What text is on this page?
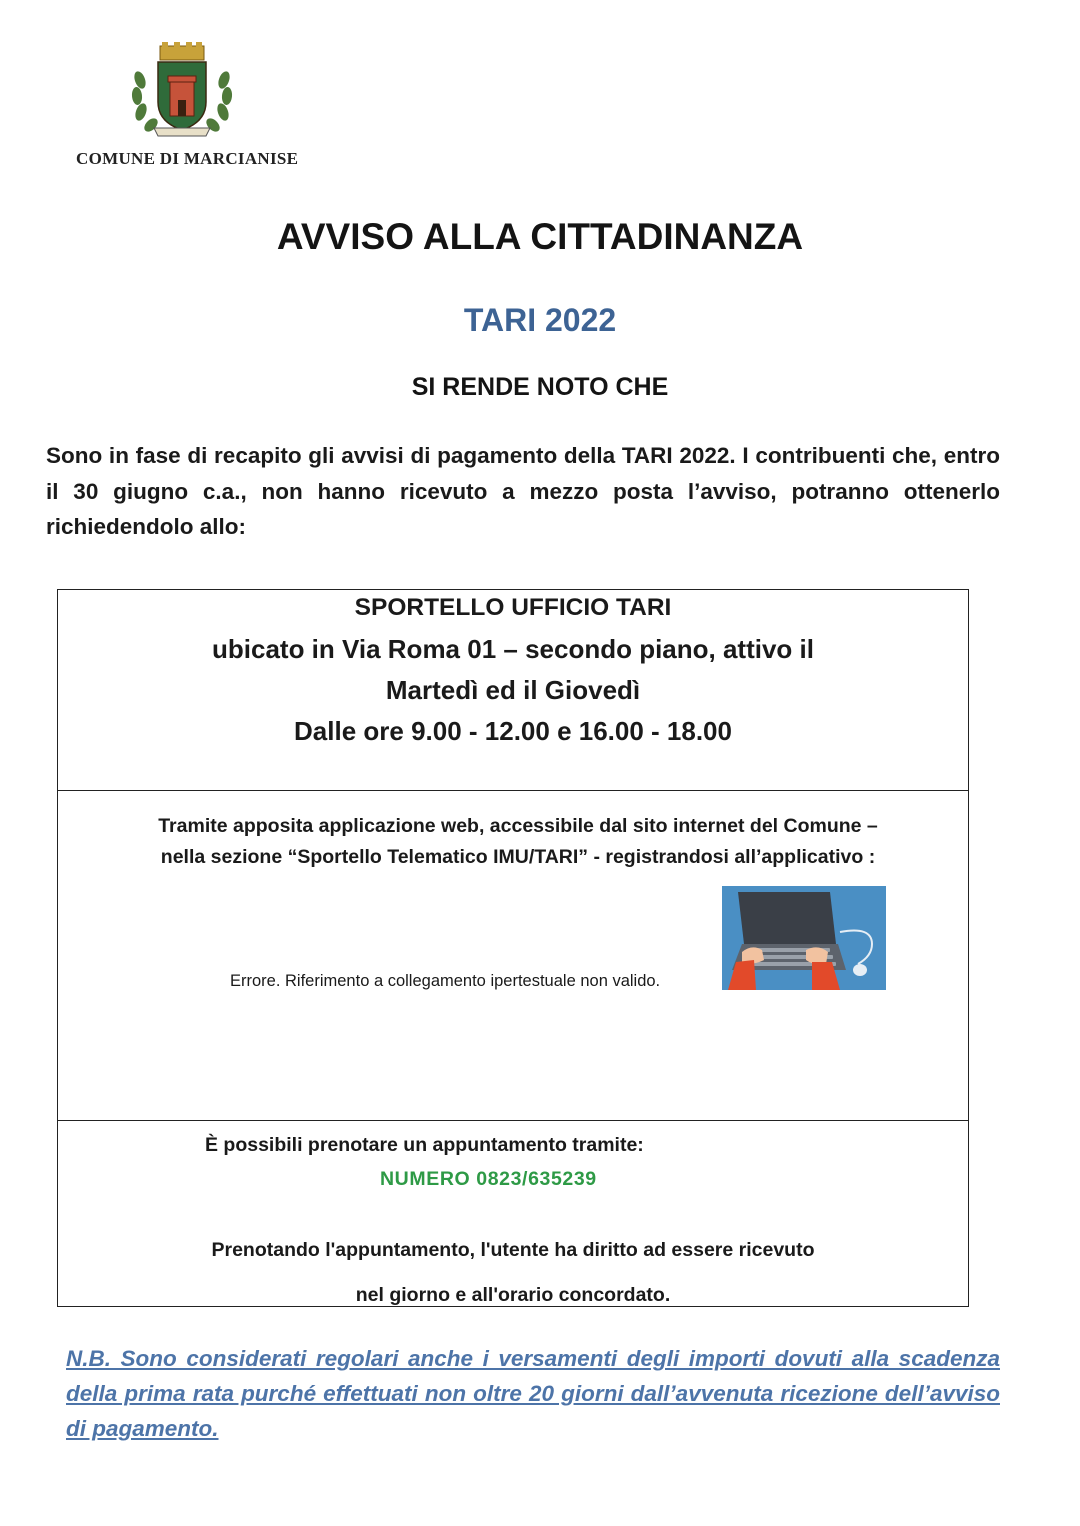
COMUNE DI MARCIANISE
AVVISO ALLA CITTADINANZA
TARI 2022
SI RENDE NOTO CHE
Sono in fase di recapito gli avvisi di pagamento della TARI 2022. I contribuenti che, entro il 30 giugno c.a., non hanno ricevuto a mezzo posta l’avviso, potranno ottenerlo richiedendolo allo:
SPORTELLO UFFICIO TARI
ubicato in Via Roma 01 – secondo piano, attivo il
Martedì ed il Giovedì
Dalle ore 9.00 - 12.00 e 16.00 - 18.00
Tramite apposita applicazione web, accessibile dal sito internet del Comune –
nella sezione “Sportello Telematico IMU/TARI” - registrandosi all’applicativo :
È possibili prenotare un appuntamento tramite:
NUMERO 0823/635239
Prenotando l'appuntamento, l'utente ha diritto ad essere ricevuto
nel giorno e all'orario concordato.
Errore. Riferimento a collegamento ipertestuale non valido.
N.B. Sono considerati regolari anche i versamenti degli importi dovuti alla scadenza della prima rata purché effettuati non oltre 20 giorni dall’avvenuta ricezione dell’avviso di pagamento.
